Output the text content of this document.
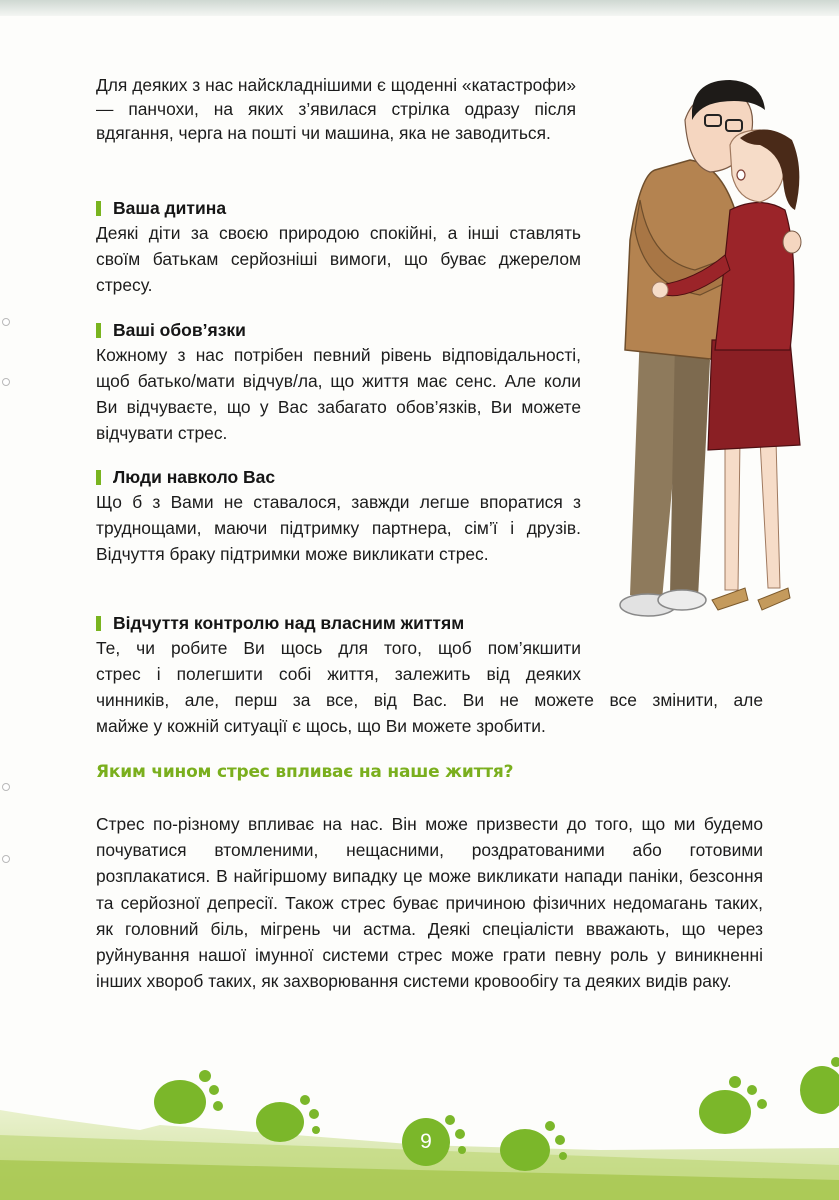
Для деяких з нас найскладнішими є щоденні «катастрофи» — панчохи, на яких з’явилася стрілка одразу після вдягання, черга на пошті чи машина, яка не заводиться.

Ваша дитина

Деякі діти за своєю природою спокійні, а інші ставлять своїм батькам серйозніші вимоги, що буває джерелом стресу.

Ваші обов’язки

Кожному з нас потрібен певний рівень відповідальності, щоб батько/мати відчув/ла, що життя має сенс. Але коли Ви відчуваєте, що у Вас забагато обов’язків, Ви можете відчувати стрес.

Люди навколо Вас

Що б з Вами не ставалося, завжди легше впоратися з труднощами, маючи підтримку партнера, сім’ї і друзів. Відчуття браку підтримки може викликати стрес.

Відчуття контролю над власним життям
Те, чи робите Ви щось для того, щоб пом’якшити
стрес і полегшити собі життя, залежить від деяких
чинників, але, перш за все, від Вас. Ви не можете все змінити, але
майже у кожній ситуації є щось, що Ви можете зробити.
Яким чином стрес впливає на наше життя?

Стрес по-різному впливає на нас. Він може призвести до того, що ми будемо почуватися втомленими, нещасними, роздратованими або готовими розплакатися. В найгіршому випадку це може викликати напади паніки, безсоння та серйозної депресії. Також стрес буває причиною фізичних недомагань таких, як головний біль, мігрень чи астма. Деякі спеціалісти вважають, що через руйнування нашої імунної системи стрес може грати певну роль у виникненні інших хвороб таких, як захворювання системи кровообігу та деяких видів раку.

9
